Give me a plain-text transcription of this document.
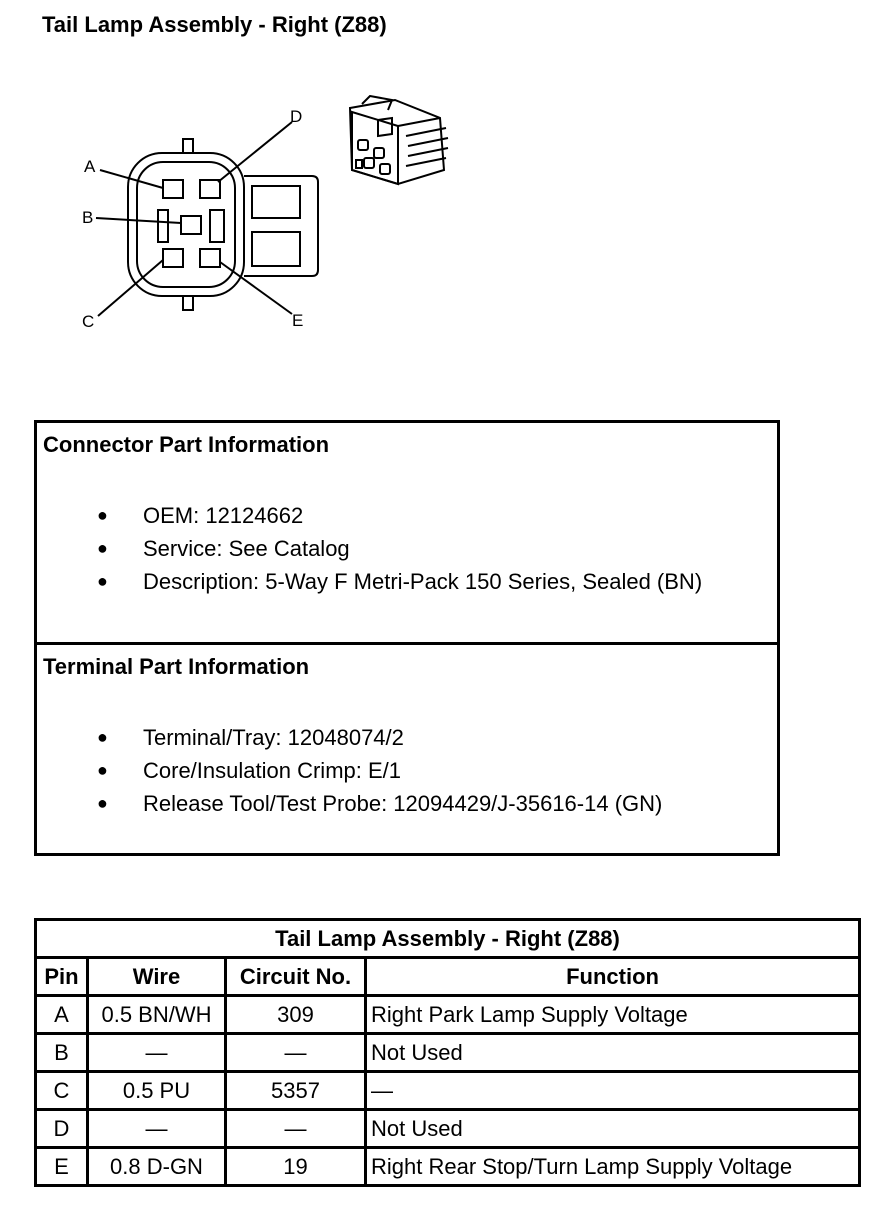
Tail Lamp Assembly - Right (Z88)
A
B
C
D
E
Connector Part Information
● OEM: 12124662
● Service: See Catalog
● Description: 5-Way F Metri-Pack 150 Series, Sealed (BN)
Terminal Part Information
● Terminal/Tray: 12048074/2
● Core/Insulation Crimp: E/1
● Release Tool/Test Probe: 12094429/J-35616-14 (GN)
Tail Lamp Assembly - Right (Z88)			
Pin	Wire	Circuit No.	Function
A	0.5 BN/WH	309	Right Park Lamp Supply Voltage
B	—	—	Not Used
C	0.5 PU	5357	—
D	—	—	Not Used
E	0.8 D-GN	19	Right Rear Stop/Turn Lamp Supply Voltage
